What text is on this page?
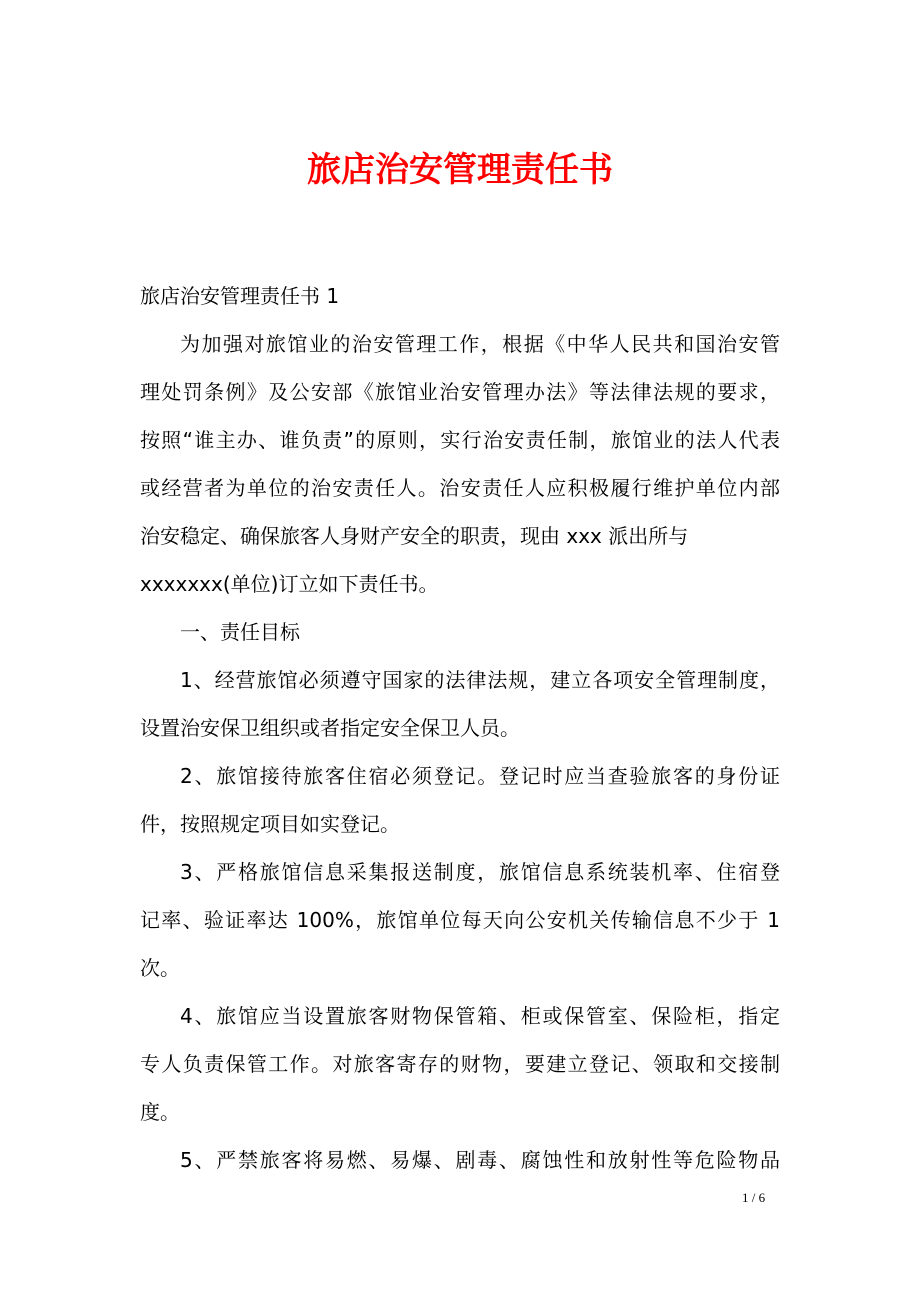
旅店治安管理责任书
旅店治安管理责任书 1
为加强对旅馆业的治安管理工作，根据《中华人民共和国治安管
理处罚条例》及公安部《旅馆业治安管理办法》等法律法规的要求，
按照“谁主办、谁负责”的原则，实行治安责任制，旅馆业的法人代表
或经营者为单位的治安责任人。治安责任人应积极履行维护单位内部
治安稳定、确保旅客人身财产安全的职责，现由 xxx 派出所与
xxxxxxx(单位)订立如下责任书。
一、责任目标
1、经营旅馆必须遵守国家的法律法规，建立各项安全管理制度，
设置治安保卫组织或者指定安全保卫人员。
2、旅馆接待旅客住宿必须登记。登记时应当查验旅客的身份证
件，按照规定项目如实登记。
3、严格旅馆信息采集报送制度，旅馆信息系统装机率、住宿登
记率、验证率达 100%，旅馆单位每天向公安机关传输信息不少于 1
次。
4、旅馆应当设置旅客财物保管箱、柜或保管室、保险柜，指定
专人负责保管工作。对旅客寄存的财物，要建立登记、领取和交接制
度。
5、严禁旅客将易燃、易爆、剧毒、腐蚀性和放射性等危险物品
1 / 6
